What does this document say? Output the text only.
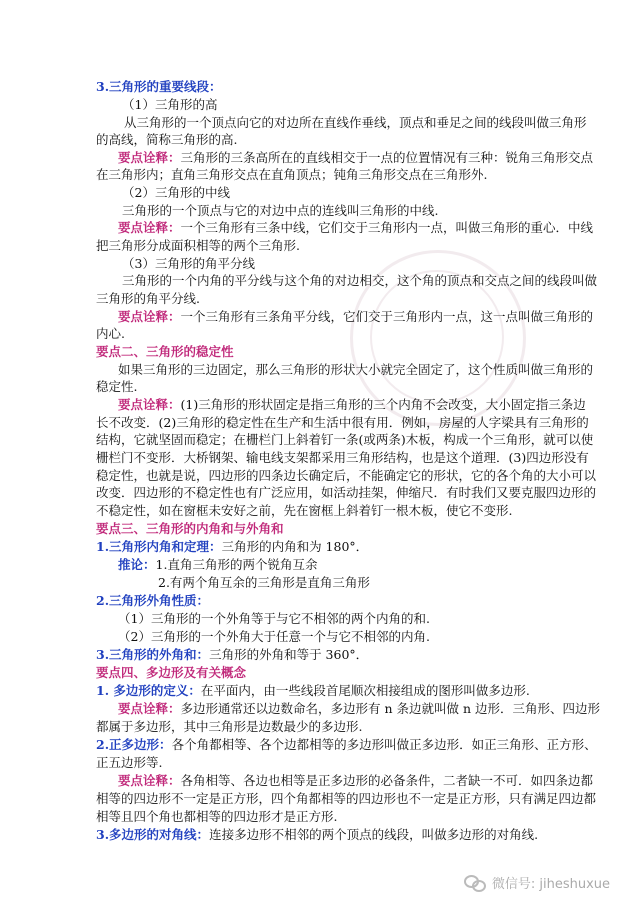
3.三角形的重要线段：
（1）三角形的高
从三角形的一个顶点向它的对边所在直线作垂线，顶点和垂足之间的线段叫做三角形
的高线，简称三角形的高.
要点诠释：三角形的三条高所在的直线相交于一点的位置情况有三种：锐角三角形交点
在三角形内；直角三角形交点在直角顶点；钝角三角形交点在三角形外.
（2）三角形的中线
三角形的一个顶点与它的对边中点的连线叫三角形的中线.
要点诠释：一个三角形有三条中线，它们交于三角形内一点，叫做三角形的重心．中线
把三角形分成面积相等的两个三角形.
（3）三角形的角平分线
三角形的一个内角的平分线与这个角的对边相交，这个角的顶点和交点之间的线段叫做
三角形的角平分线.
要点诠释：一个三角形有三条角平分线，它们交于三角形内一点，这一点叫做三角形的
内心.
要点二、三角形的稳定性
如果三角形的三边固定，那么三角形的形状大小就完全固定了，这个性质叫做三角形的
稳定性.
要点诠释：(1)三角形的形状固定是指三角形的三个内角不会改变，大小固定指三条边
长不改变．(2)三角形的稳定性在生产和生活中很有用．例如，房屋的人字梁具有三角形的
结构，它就坚固而稳定；在栅栏门上斜着钉一条(或两条)木板，构成一个三角形，就可以使
栅栏门不变形．大桥钢架、输电线支架都采用三角形结构，也是这个道理．(3)四边形没有
稳定性，也就是说，四边形的四条边长确定后，不能确定它的形状，它的各个角的大小可以
改变．四边形的不稳定性也有广泛应用，如活动挂架，伸缩尺．有时我们又要克服四边形的
不稳定性，如在窗框未安好之前，先在窗框上斜着钉一根木板，使它不变形.
要点三、三角形的内角和与外角和
1.三角形内角和定理：三角形的内角和为 180°．
推论：1.直角三角形的两个锐角互余
2.有两个角互余的三角形是直角三角形
2.三角形外角性质：
（1）三角形的一个外角等于与它不相邻的两个内角的和.
（2）三角形的一个外角大于任意一个与它不相邻的内角.
3.三角形的外角和：三角形的外角和等于 360°．
要点四、多边形及有关概念
1. 多边形的定义：在平面内，由一些线段首尾顺次相接组成的图形叫做多边形.
要点诠释：多边形通常还以边数命名，多边形有 n 条边就叫做 n 边形．三角形、四边形
都属于多边形，其中三角形是边数最少的多边形.
2.正多边形：各个角都相等、各个边都相等的多边形叫做正多边形．如正三角形、正方形、
正五边形等.
要点诠释：各角相等、各边也相等是正多边形的必备条件，二者缺一不可．如四条边都
相等的四边形不一定是正方形，四个角都相等的四边形也不一定是正方形，只有满足四边都
相等且四个角也都相等的四边形才是正方形.
3.多边形的对角线：连接多边形不相邻的两个顶点的线段，叫做多边形的对角线.
微信号: jiheshuxue
